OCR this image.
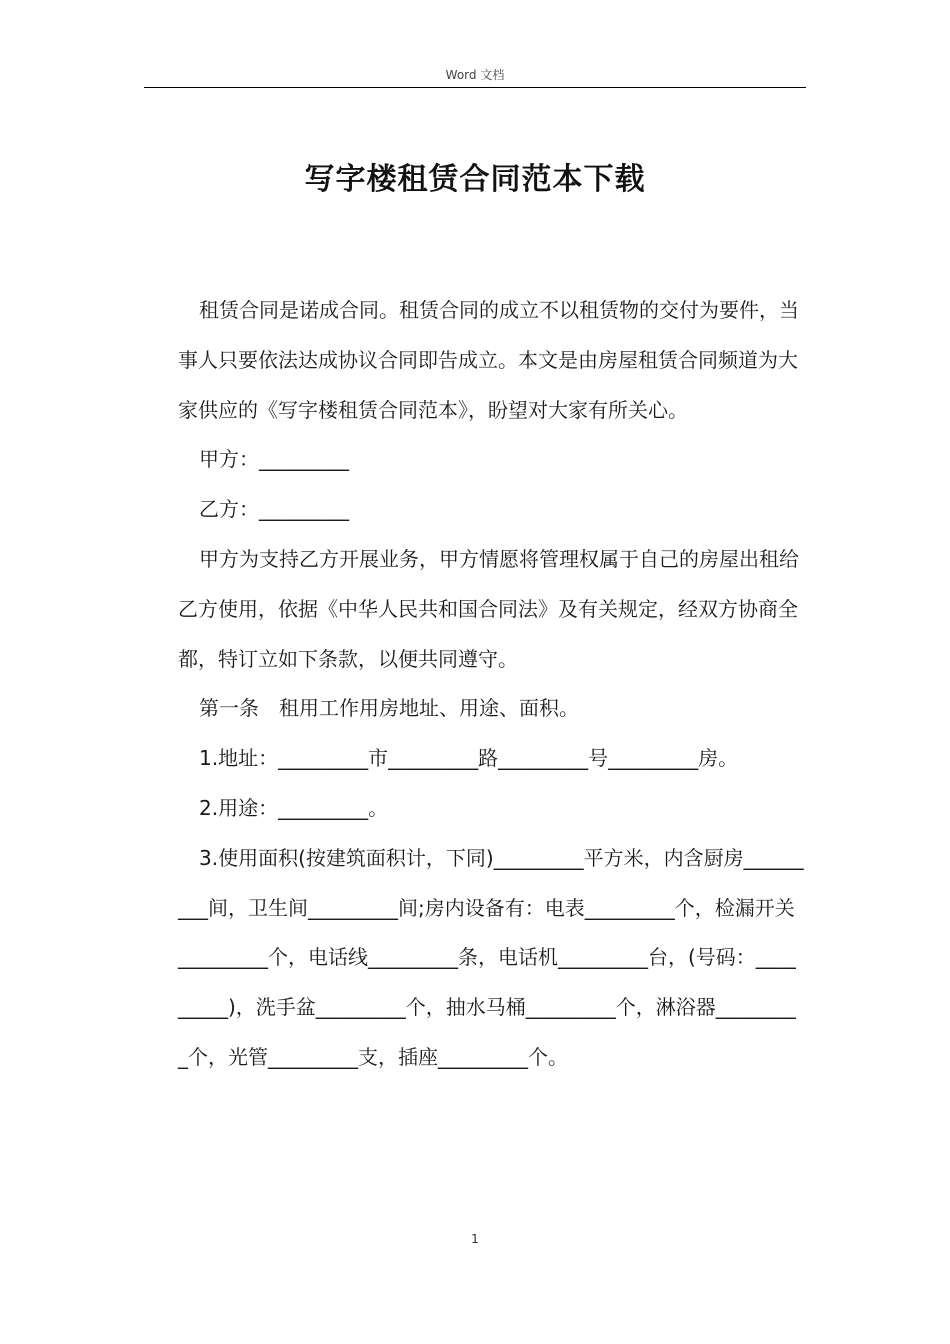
Word 文档
写字楼租赁合同范本下载

租赁合同是诺成合同。租赁合同的成立不以租赁物的交付为要件，当事人只要依法达成协议合同即告成立。本文是由房屋租赁合同频道为大家供应的《写字楼租赁合同范本》，盼望对大家有所关心。

甲方：_________

乙方：_________

甲方为支持乙方开展业务，甲方情愿将管理权属于自己的房屋出租给乙方使用，依据《中华人民共和国合同法》及有关规定，经双方协商全都，特订立如下条款，以便共同遵守。

第一条　租用工作用房地址、用途、面积。

1.地址：_________市_________路_________号_________房。

2.用途：_________。

3.使用面积(按建筑面积计，下同)_________平方米，内含厨房_________间，卫生间_________间;房内设备有：电表_________个，检漏开关_________个，电话线_________条，电话机_________台，(号码：_________)，洗手盆_________个，抽水马桶_________个，淋浴器_________个，光管_________支，插座_________个。

1
